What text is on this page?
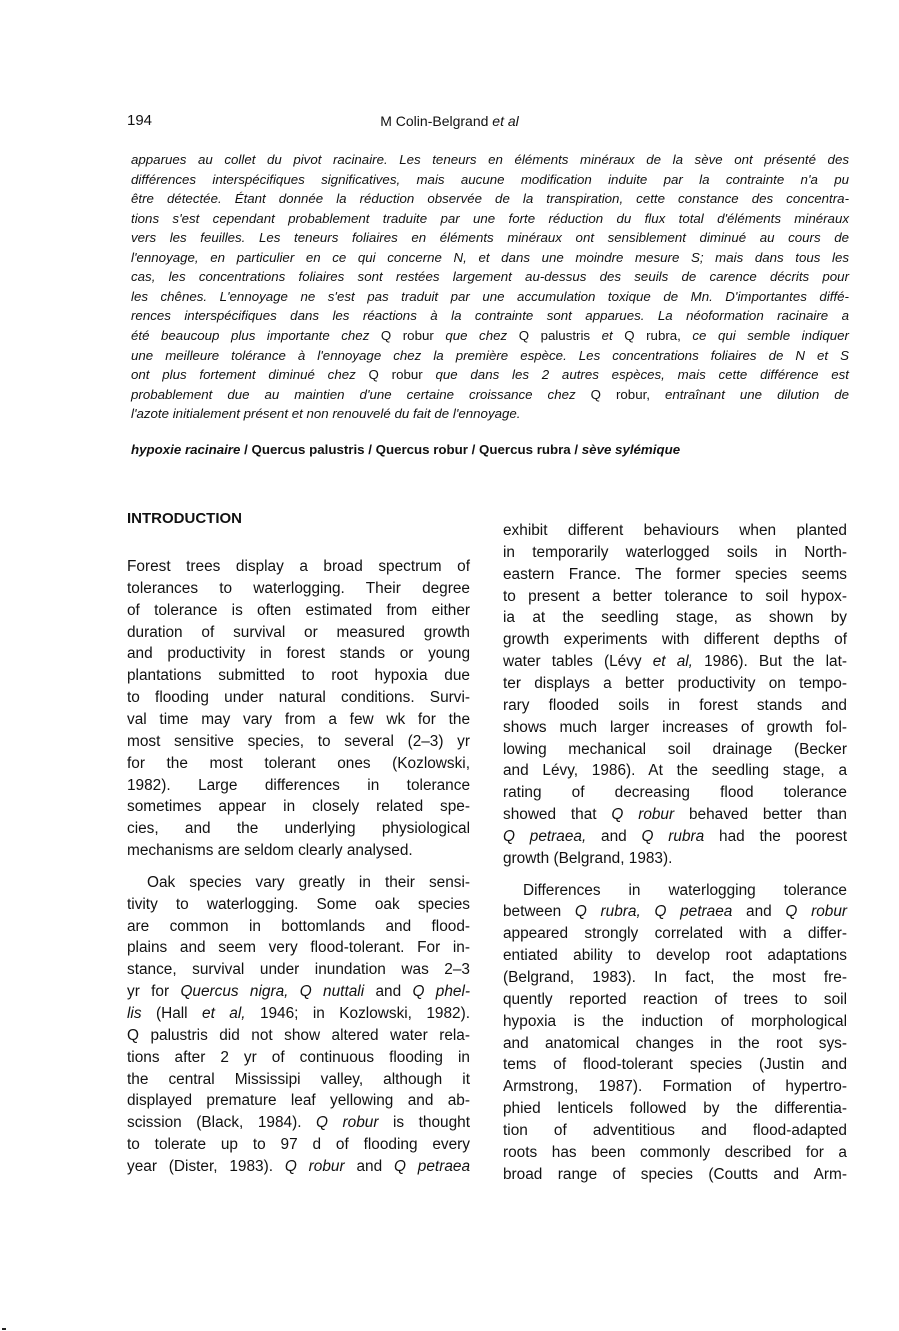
194	M Colin-Belgrand et al
apparues au collet du pivot racinaire. Les teneurs en éléments minéraux de la sève ont présenté des
différences interspécifiques significatives, mais aucune modification induite par la contrainte n'a pu
être détectée. Étant donnée la réduction observée de la transpiration, cette constance des concentra-
tions s'est cependant probablement traduite par une forte réduction du flux total d'éléments minéraux
vers les feuilles. Les teneurs foliaires en éléments minéraux ont sensiblement diminué au cours de
l'ennoyage, en particulier en ce qui concerne N, et dans une moindre mesure S; mais dans tous les
cas, les concentrations foliaires sont restées largement au-dessus des seuils de carence décrits pour
les chênes. L'ennoyage ne s'est pas traduit par une accumulation toxique de Mn. D'importantes diffé-
rences interspécifiques dans les réactions à la contrainte sont apparues. La néoformation racinaire a
été beaucoup plus importante chez Q robur que chez Q palustris et Q rubra, ce qui semble indiquer
une meilleure tolérance à l'ennoyage chez la première espèce. Les concentrations foliaires de N et S
ont plus fortement diminué chez Q robur que dans les 2 autres espèces, mais cette différence est
probablement due au maintien d'une certaine croissance chez Q robur, entraînant une dilution de
l'azote initialement présent et non renouvelé du fait de l'ennoyage.
hypoxie racinaire / Quercus palustris / Quercus robur / Quercus rubra / sève sylémique
INTRODUCTION
Forest trees display a broad spectrum of
tolerances to waterlogging. Their degree
of tolerance is often estimated from either
duration of survival or measured growth
and productivity in forest stands or young
plantations submitted to root hypoxia due
to flooding under natural conditions. Survi-
val time may vary from a few wk for the
most sensitive species, to several (2–3) yr
for the most tolerant ones (Kozlowski,
1982). Large differences in tolerance
sometimes appear in closely related spe-
cies, and the underlying physiological
mechanisms are seldom clearly analysed.
Oak species vary greatly in their sensi-
tivity to waterlogging. Some oak species
are common in bottomlands and flood-
plains and seem very flood-tolerant. For in-
stance, survival under inundation was 2–3
yr for Quercus nigra, Q nuttali and Q phel-
lis (Hall et al, 1946; in Kozlowski, 1982).
Q palustris did not show altered water rela-
tions after 2 yr of continuous flooding in
the central Mississipi valley, although it
displayed premature leaf yellowing and ab-
scission (Black, 1984). Q robur is thought
to tolerate up to 97 d of flooding every
year (Dister, 1983). Q robur and Q petraea
exhibit different behaviours when planted
in temporarily waterlogged soils in North-
eastern France. The former species seems
to present a better tolerance to soil hypox-
ia at the seedling stage, as shown by
growth experiments with different depths of
water tables (Lévy et al, 1986). But the lat-
ter displays a better productivity on tempo-
rary flooded soils in forest stands and
shows much larger increases of growth fol-
lowing mechanical soil drainage (Becker
and Lévy, 1986). At the seedling stage, a
rating of decreasing flood tolerance
showed that Q robur behaved better than
Q petraea, and Q rubra had the poorest
growth (Belgrand, 1983).
Differences in waterlogging tolerance
between Q rubra, Q petraea and Q robur
appeared strongly correlated with a differ-
entiated ability to develop root adaptations
(Belgrand, 1983). In fact, the most fre-
quently reported reaction of trees to soil
hypoxia is the induction of morphological
and anatomical changes in the root sys-
tems of flood-tolerant species (Justin and
Armstrong, 1987). Formation of hypertro-
phied lenticels followed by the differentia-
tion of adventitious and flood-adapted
roots has been commonly described for a
broad range of species (Coutts and Arm-
